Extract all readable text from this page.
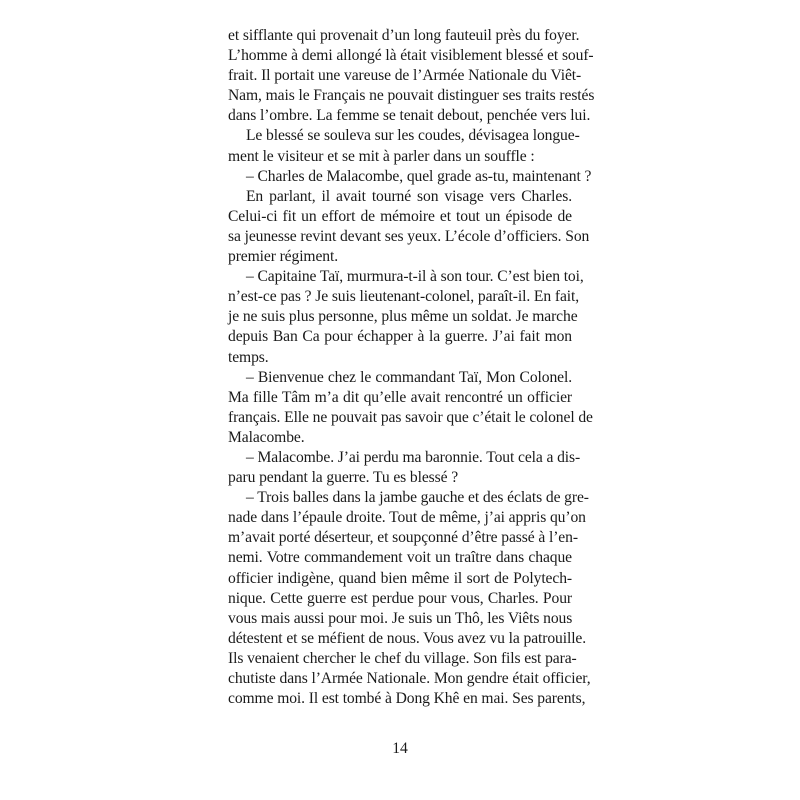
et sifflante qui provenait d’un long fauteuil près du foyer.
L’homme à demi allongé là était visiblement blessé et souf-
frait. Il portait une vareuse de l’Armée Nationale du Viêt-
Nam, mais le Français ne pouvait distinguer ses traits restés
dans l’ombre. La femme se tenait debout, penchée vers lui.
Le blessé se souleva sur les coudes, dévisagea longue-
ment le visiteur et se mit à parler dans un souffle :
– Charles de Malacombe, quel grade as-tu, maintenant ?
En parlant, il avait tourné son visage vers Charles.
Celui-ci fit un effort de mémoire et tout un épisode de
sa jeunesse revint devant ses yeux. L’école d’officiers. Son
premier régiment.
– Capitaine Taï, murmura-t-il à son tour. C’est bien toi,
n’est-ce pas ? Je suis lieutenant-colonel, paraît-il. En fait,
je ne suis plus personne, plus même un soldat. Je marche
depuis Ban Ca pour échapper à la guerre. J’ai fait mon
temps.
– Bienvenue chez le commandant Taï, Mon Colonel.
Ma fille Tâm m’a dit qu’elle avait rencontré un officier
français. Elle ne pouvait pas savoir que c’était le colonel de
Malacombe.
– Malacombe. J’ai perdu ma baronnie. Tout cela a dis-
paru pendant la guerre. Tu es blessé ?
– Trois balles dans la jambe gauche et des éclats de gre-
nade dans l’épaule droite. Tout de même, j’ai appris qu’on
m’avait porté déserteur, et soupçonné d’être passé à l’en-
nemi. Votre commandement voit un traître dans chaque
officier indigène, quand bien même il sort de Polytech-
nique. Cette guerre est perdue pour vous, Charles. Pour
vous mais aussi pour moi. Je suis un Thô, les Viêts nous
détestent et se méfient de nous. Vous avez vu la patrouille.
Ils venaient chercher le chef du village. Son fils est para-
chutiste dans l’Armée Nationale. Mon gendre était officier,
comme moi. Il est tombé à Dong Khê en mai. Ses parents,
14
